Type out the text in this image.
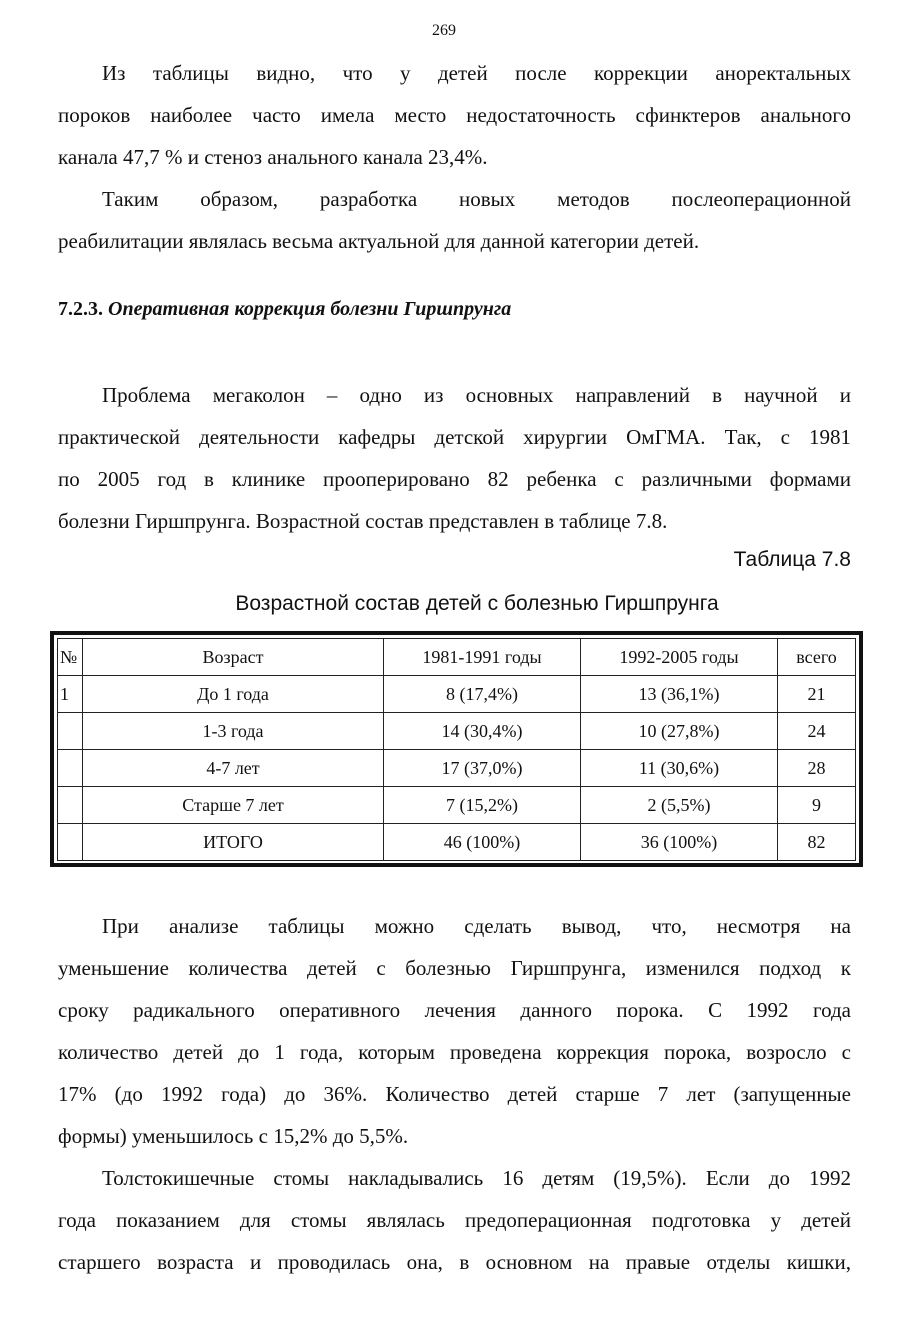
269
Из таблицы видно, что у детей после коррекции аноректальных
пороков наиболее часто имела место недостаточность сфинктеров анального
канала 47,7 % и стеноз анального канала 23,4%.
Таким образом, разработка новых методов послеоперационной
реабилитации являлась весьма актуальной для данной категории детей.
7.2.3. Оперативная коррекция болезни Гиршпрунга
Проблема мегаколон – одно из основных направлений в научной и
практической деятельности кафедры детской хирургии ОмГМА. Так, с 1981
по 2005 год в клинике прооперировано 82 ребенка с различными формами
болезни Гиршпрунга. Возрастной состав представлен в таблице 7.8.
Таблица 7.8
Возрастной состав детей с болезнью Гиршпрунга
№	Возраст	1981-1991 годы	1992-2005 годы	всего
1	До 1 года	8 (17,4%)	13 (36,1%)	21
	1-3 года	14 (30,4%)	10 (27,8%)	24
	4-7 лет	17 (37,0%)	11 (30,6%)	28
	Старше 7 лет	7 (15,2%)	2 (5,5%)	9
	ИТОГО	46 (100%)	36 (100%)	82
При анализе таблицы можно сделать вывод, что, несмотря на
уменьшение количества детей с болезнью Гиршпрунга, изменился подход к
сроку радикального оперативного лечения данного порока. С 1992 года
количество детей до 1 года, которым проведена коррекция порока, возросло с
17% (до 1992 года) до 36%. Количество детей старше 7 лет (запущенные
формы) уменьшилось с 15,2% до 5,5%.
Толстокишечные стомы накладывались 16 детям (19,5%). Если до 1992
года показанием для стомы являлась предоперационная подготовка у детей
старшего возраста и проводилась она, в основном на правые отделы кишки,
